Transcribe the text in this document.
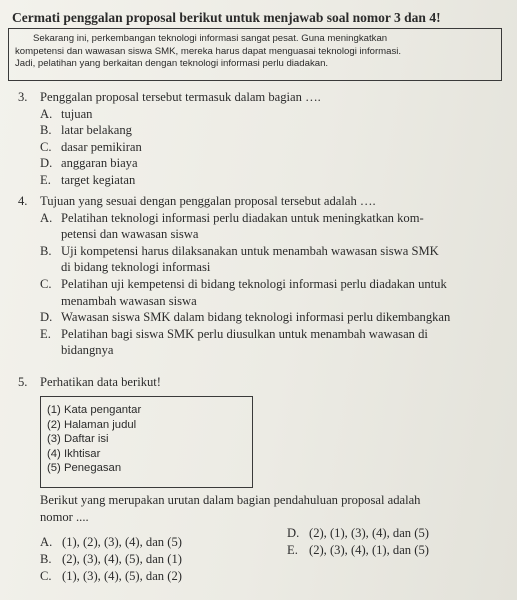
Cermati penggalan proposal berikut untuk menjawab soal nomor 3 dan 4!
Sekarang ini, perkembangan teknologi informasi sangat pesat. Guna meningkatkan
kompetensi dan wawasan siswa SMK, mereka harus dapat menguasai teknologi informasi.
Jadi, pelatihan yang berkaitan dengan teknologi informasi perlu diadakan.
3. Penggalan proposal tersebut termasuk dalam bagian ….
A. tujuan
B. latar belakang
C. dasar pemikiran
D. anggaran biaya
E. target kegiatan
4. Tujuan yang sesuai dengan penggalan proposal tersebut adalah ….
A. Pelatihan teknologi informasi perlu diadakan untuk meningkatkan kom-
petensi dan wawasan siswa
B. Uji kompetensi harus dilaksanakan untuk menambah wawasan siswa SMK
di bidang teknologi informasi
C. Pelatihan uji kempetensi di bidang teknologi informasi perlu diadakan untuk
menambah wawasan siswa
D. Wawasan siswa SMK dalam bidang teknologi informasi perlu dikembangkan
E. Pelatihan bagi siswa SMK perlu diusulkan untuk menambah wawasan di
bidangnya
5. Perhatikan data berikut!
(1) Kata pengantar
(2) Halaman judul
(3) Daftar isi
(4) Ikhtisar
(5) Penegasan
Berikut yang merupakan urutan dalam bagian pendahuluan proposal adalah
nomor ....
A. (1), (2), (3), (4), dan (5)
B. (2), (3), (4), (5), dan (1)
C. (1), (3), (4), (5), dan (2)
D. (2), (1), (3), (4), dan (5)
E. (2), (3), (4), (1), dan (5)
